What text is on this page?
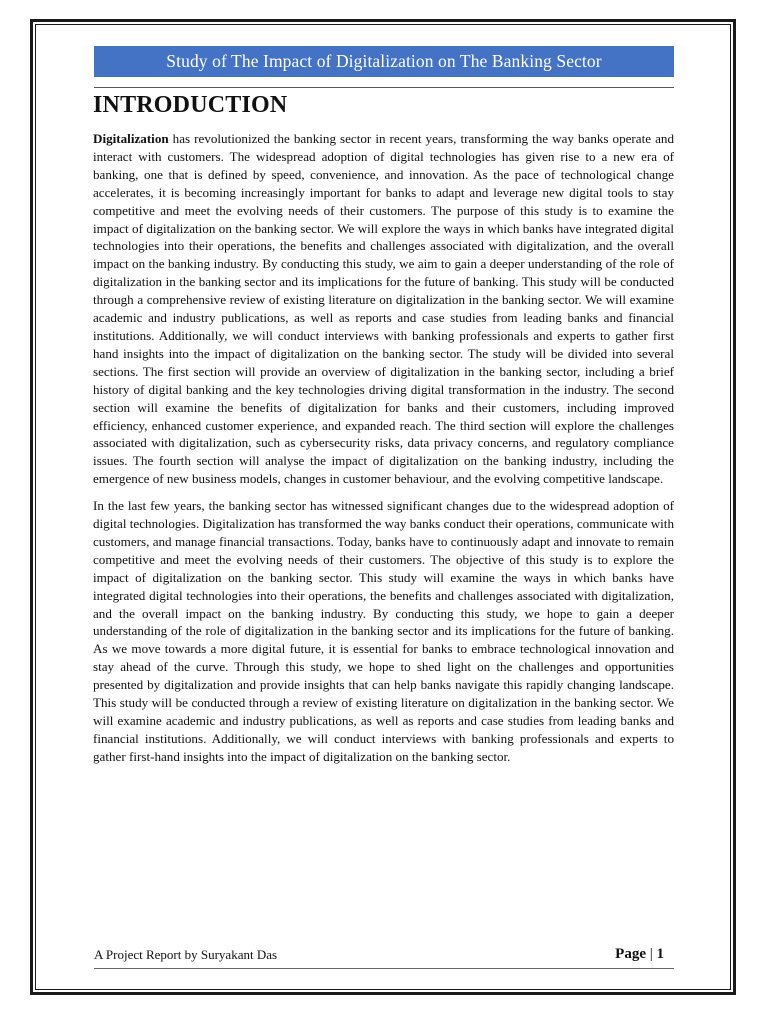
Study of The Impact of Digitalization on The Banking Sector
INTRODUCTION

Digitalization has revolutionized the banking sector in recent years, transforming the way banks operate and interact with customers. The widespread adoption of digital technologies has given rise to a new era of banking, one that is defined by speed, convenience, and innovation. As the pace of technological change accelerates, it is becoming increasingly important for banks to adapt and leverage new digital tools to stay competitive and meet the evolving needs of their customers. The purpose of this study is to examine the impact of digitalization on the banking sector. We will explore the ways in which banks have integrated digital technologies into their operations, the benefits and challenges associated with digitalization, and the overall impact on the banking industry. By conducting this study, we aim to gain a deeper understanding of the role of digitalization in the banking sector and its implications for the future of banking. This study will be conducted through a comprehensive review of existing literature on digitalization in the banking sector. We will examine academic and industry publications, as well as reports and case studies from leading banks and financial institutions. Additionally, we will conduct interviews with banking professionals and experts to gather first hand insights into the impact of digitalization on the banking sector. The study will be divided into several sections. The first section will provide an overview of digitalization in the banking sector, including a brief history of digital banking and the key technologies driving digital transformation in the industry. The second section will examine the benefits of digitalization for banks and their customers, including improved efficiency, enhanced customer experience, and expanded reach. The third section will explore the challenges associated with digitalization, such as cybersecurity risks, data privacy concerns, and regulatory compliance issues. The fourth section will analyse the impact of digitalization on the banking industry, including the emergence of new business models, changes in customer behaviour, and the evolving competitive landscape.

In the last few years, the banking sector has witnessed significant changes due to the widespread adoption of digital technologies. Digitalization has transformed the way banks conduct their operations, communicate with customers, and manage financial transactions. Today, banks have to continuously adapt and innovate to remain competitive and meet the evolving needs of their customers. The objective of this study is to explore the impact of digitalization on the banking sector. This study will examine the ways in which banks have integrated digital technologies into their operations, the benefits and challenges associated with digitalization, and the overall impact on the banking industry. By conducting this study, we hope to gain a deeper understanding of the role of digitalization in the banking sector and its implications for the future of banking. As we move towards a more digital future, it is essential for banks to embrace technological innovation and stay ahead of the curve. Through this study, we hope to shed light on the challenges and opportunities presented by digitalization and provide insights that can help banks navigate this rapidly changing landscape. This study will be conducted through a review of existing literature on digitalization in the banking sector. We will examine academic and industry publications, as well as reports and case studies from leading banks and financial institutions. Additionally, we will conduct interviews with banking professionals and experts to gather first-hand insights into the impact of digitalization on the banking sector.

A Project Report by Suryakant Das	Page | 1
